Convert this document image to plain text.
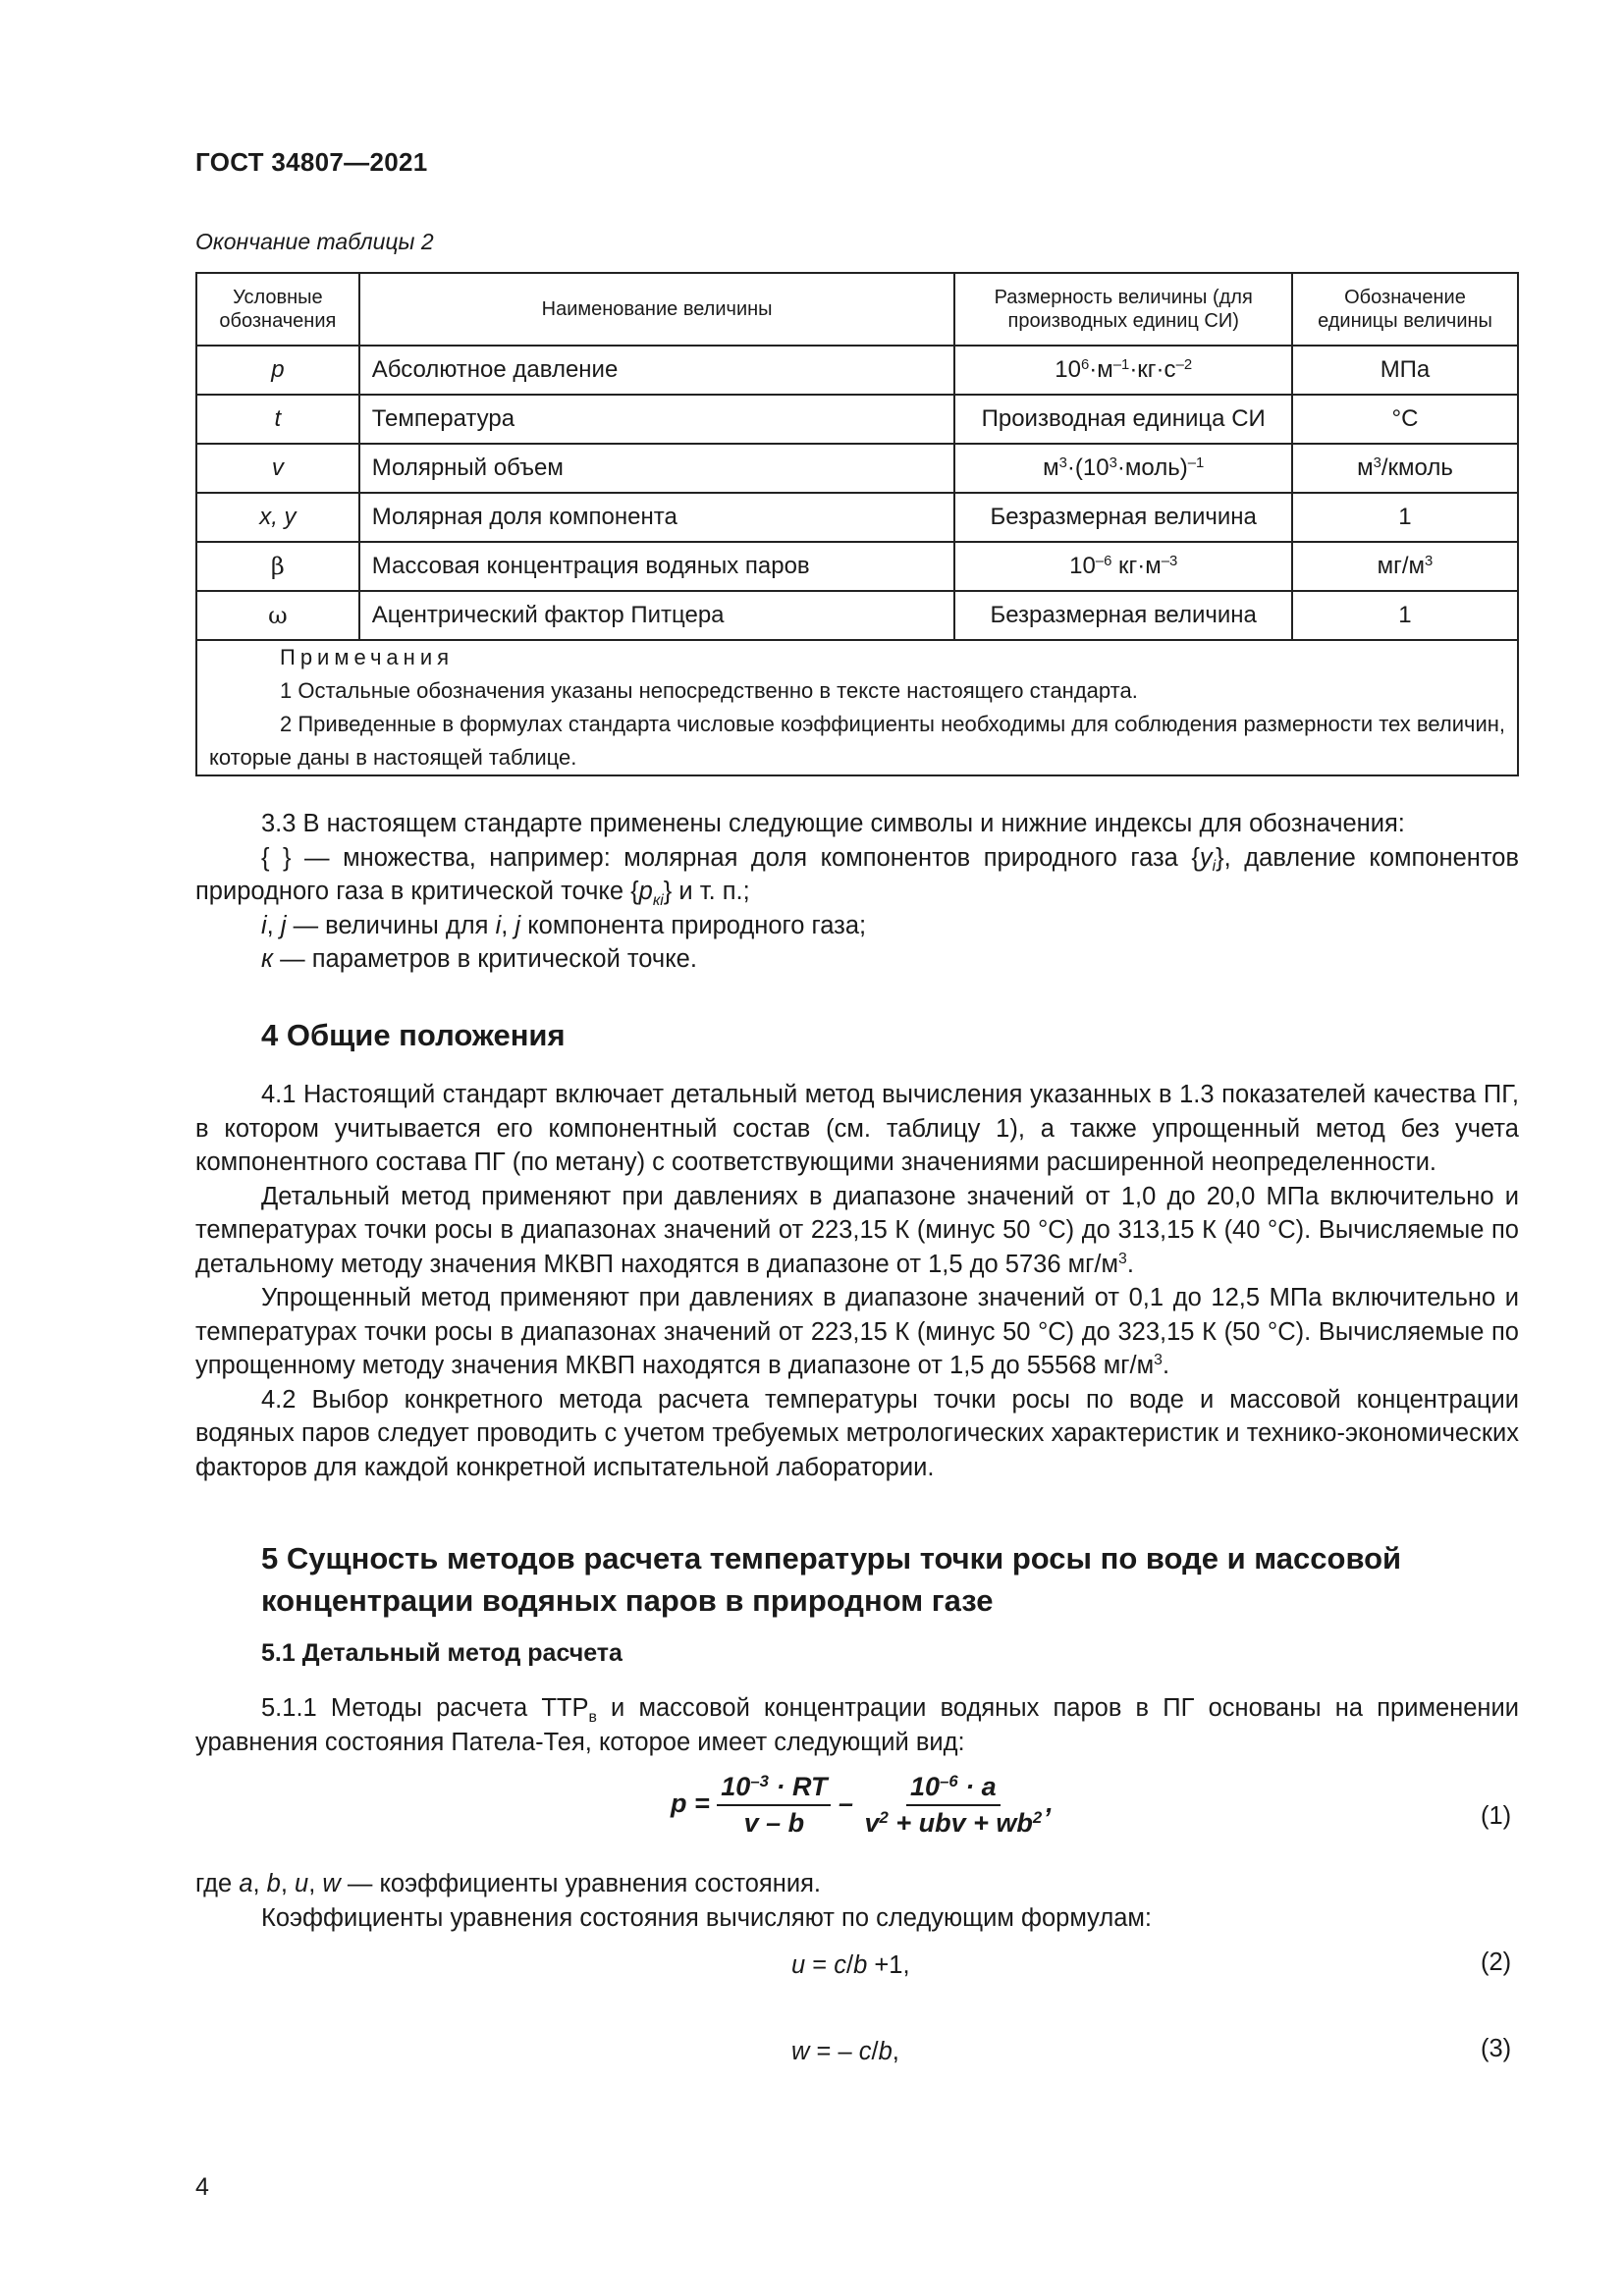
ГОСТ 34807—2021
Окончание таблицы 2
Условные обозначения	Наименование величины	Размерность величины (для производных единиц СИ)	Обозначение единицы величины
p	Абсолютное давление	$10^6\cdot м^{-1}\cdot кг\cdot с^{-2}$	МПа
t	Температура	Производная единица СИ	°С
v	Молярный объем	$м^3\cdot(10^3\cdot моль)^{-1}$	$м^3$/кмоль
x, y	Молярная доля компонента	Безразмерная величина	1
β	Массовая концентрация водяных паров	$10^{-6}$ $кг\cdot м^{-3}$	$мг/м^3$
ω	Ацентрический фактор Питцера	Безразмерная величина	1

Примечания
1 Остальные обозначения указаны непосредственно в тексте настоящего стандарта.
2 Приведенные в формулах стандарта числовые коэффициенты необходимы для соблюдения размерности тех величин, которые даны в настоящей таблице.			

3.3 В настоящем стандарте применены следующие символы и нижние индексы для обозначения:

{ } — множества, например: молярная доля компонентов природного газа $\{y_i\}$, давление компонентов природного газа в критической точке $\{p_{кi}\}$ и т. п.;

i, j — величины для i, j компонента природного газа;

к — параметров в критической точке.

4 Общие положения

4.1 Настоящий стандарт включает детальный метод вычисления указанных в 1.3 показателей качества ПГ, в котором учитывается его компонентный состав (см. таблицу 1), а также упрощенный метод без учета компонентного состава ПГ (по метану) с соответствующими значениями расширенной неопределенности.

Детальный метод применяют при давлениях в диапазоне значений от 1,0 до 20,0 МПа включительно и температурах точки росы в диапазонах значений от 223,15 К (минус 50 °С) до 313,15 К (40 °С). Вычисляемые по детальному методу значения МКВП находятся в диапазоне от 1,5 до 5736 $мг/м^3$.

Упрощенный метод применяют при давлениях в диапазоне значений от 0,1 до 12,5 МПа включительно и температурах точки росы в диапазонах значений от 223,15 К (минус 50 °С) до 323,15 К (50 °С). Вычисляемые по упрощенному методу значения МКВП находятся в диапазоне от 1,5 до 55568 $мг/м^3$.

4.2 Выбор конкретного метода расчета температуры точки росы по воде и массовой концентрации водяных паров следует проводить с учетом требуемых метрологических характеристик и технико-экономических факторов для каждой конкретной испытательной лаборатории.

5 Сущность методов расчета температуры точки росы по воде и массовой концентрации водяных паров в природном газе
5.1 Детальный метод расчета

5.1.1 Методы расчета $ТТР_в$ и массовой концентрации водяных паров в ПГ основаны на применении уравнения состояния Патела-Тея, которое имеет следующий вид:

$p = \frac{10^{-3} \cdot RT}{v - b} - \frac{10^{-6} \cdot a}{v^2 + ubv + wb^2}$ ,	(1)

где a, b, u, w — коэффициенты уравнения состояния.

Коэффициенты уравнения состояния вычисляют по следующим формулам:

u = c/b +1,	(2)
w = – c/b,	(3)
4
